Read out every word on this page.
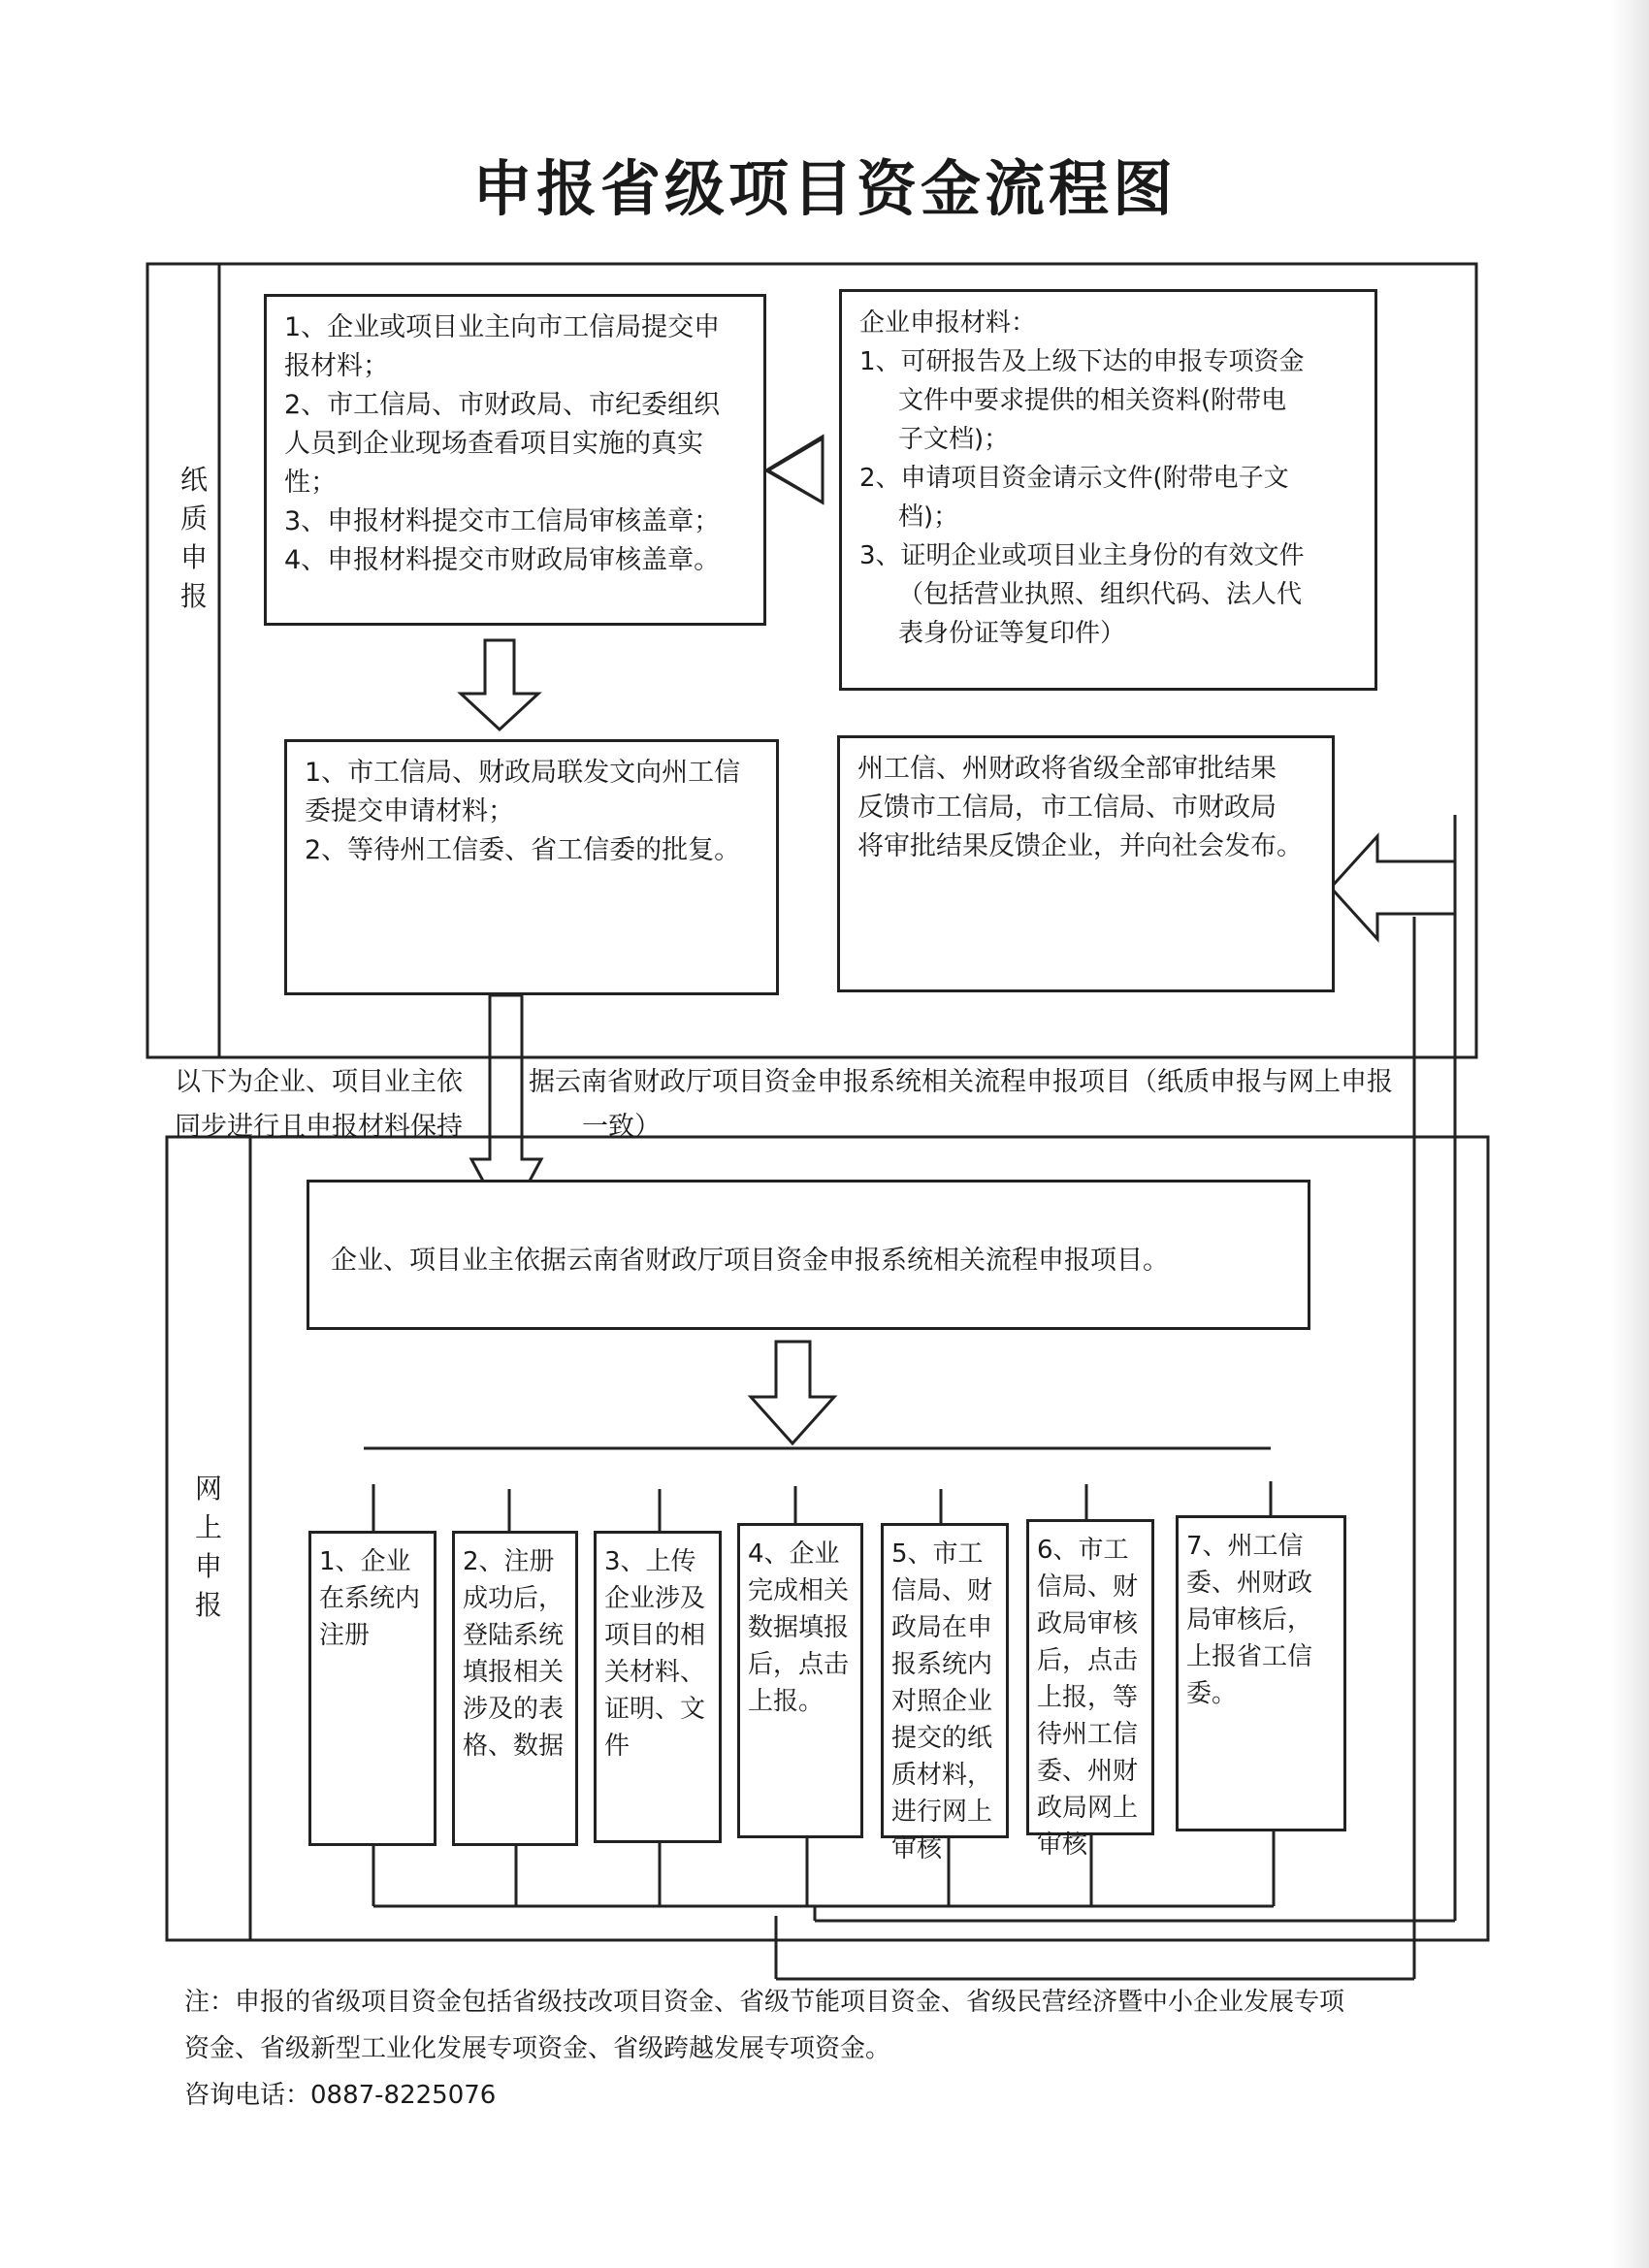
申报省级项目资金流程图
纸质
申
报
1、企业或项目业主向市工信局提交申
报材料；
2、市工信局、市财政局、市纪委组织
人员到企业现场查看项目实施的真实
性；
3、申报材料提交市工信局审核盖章；
4、申报材料提交市财政局审核盖章。
企业申报材料：
1、可研报告及上级下达的申报专项资金
文件中要求提供的相关资料(附带电
子文档)；
2、申请项目资金请示文件(附带电子文
档)；
3、证明企业或项目业主身份的有效文件
（包括营业执照、组织代码、法人代
表身份证等复印件）
1、市工信局、财政局联发文向州工信
委提交申请材料；
2、等待州工信委、省工信委的批复。
州工信、州财政将省级全部审批结果
反馈市工信局，市工信局、市财政局
将审批结果反馈企业，并向社会发布。
以下为企业、项目业主依
同步进行且申报材料保持
据云南省财政厅项目资金申报系统相关流程申报项目（纸质申报与网上申报
一致）
网
上
申
报
企业、项目业主依据云南省财政厅项目资金申报系统相关流程申报项目。
1、企业在系统内注册
2、注册成功后，登陆系统填报相关涉及的表格、数据
3、上传企业涉及项目的相关材料、证明、文件
4、企业完成相关数据填报后，点击上报。
5、市工信局、财政局在申报系统内对照企业提交的纸质材料，进行网上审核
6、市工信局、财政局审核后，点击上报，等待州工信委、州财政局网上审核
7、州工信委、州财政局审核后，上报省工信委。
注：申报的省级项目资金包括省级技改项目资金、省级节能项目资金、省级民营经济暨中小企业发展专项
资金、省级新型工业化发展专项资金、省级跨越发展专项资金。
咨询电话：0887-8225076
